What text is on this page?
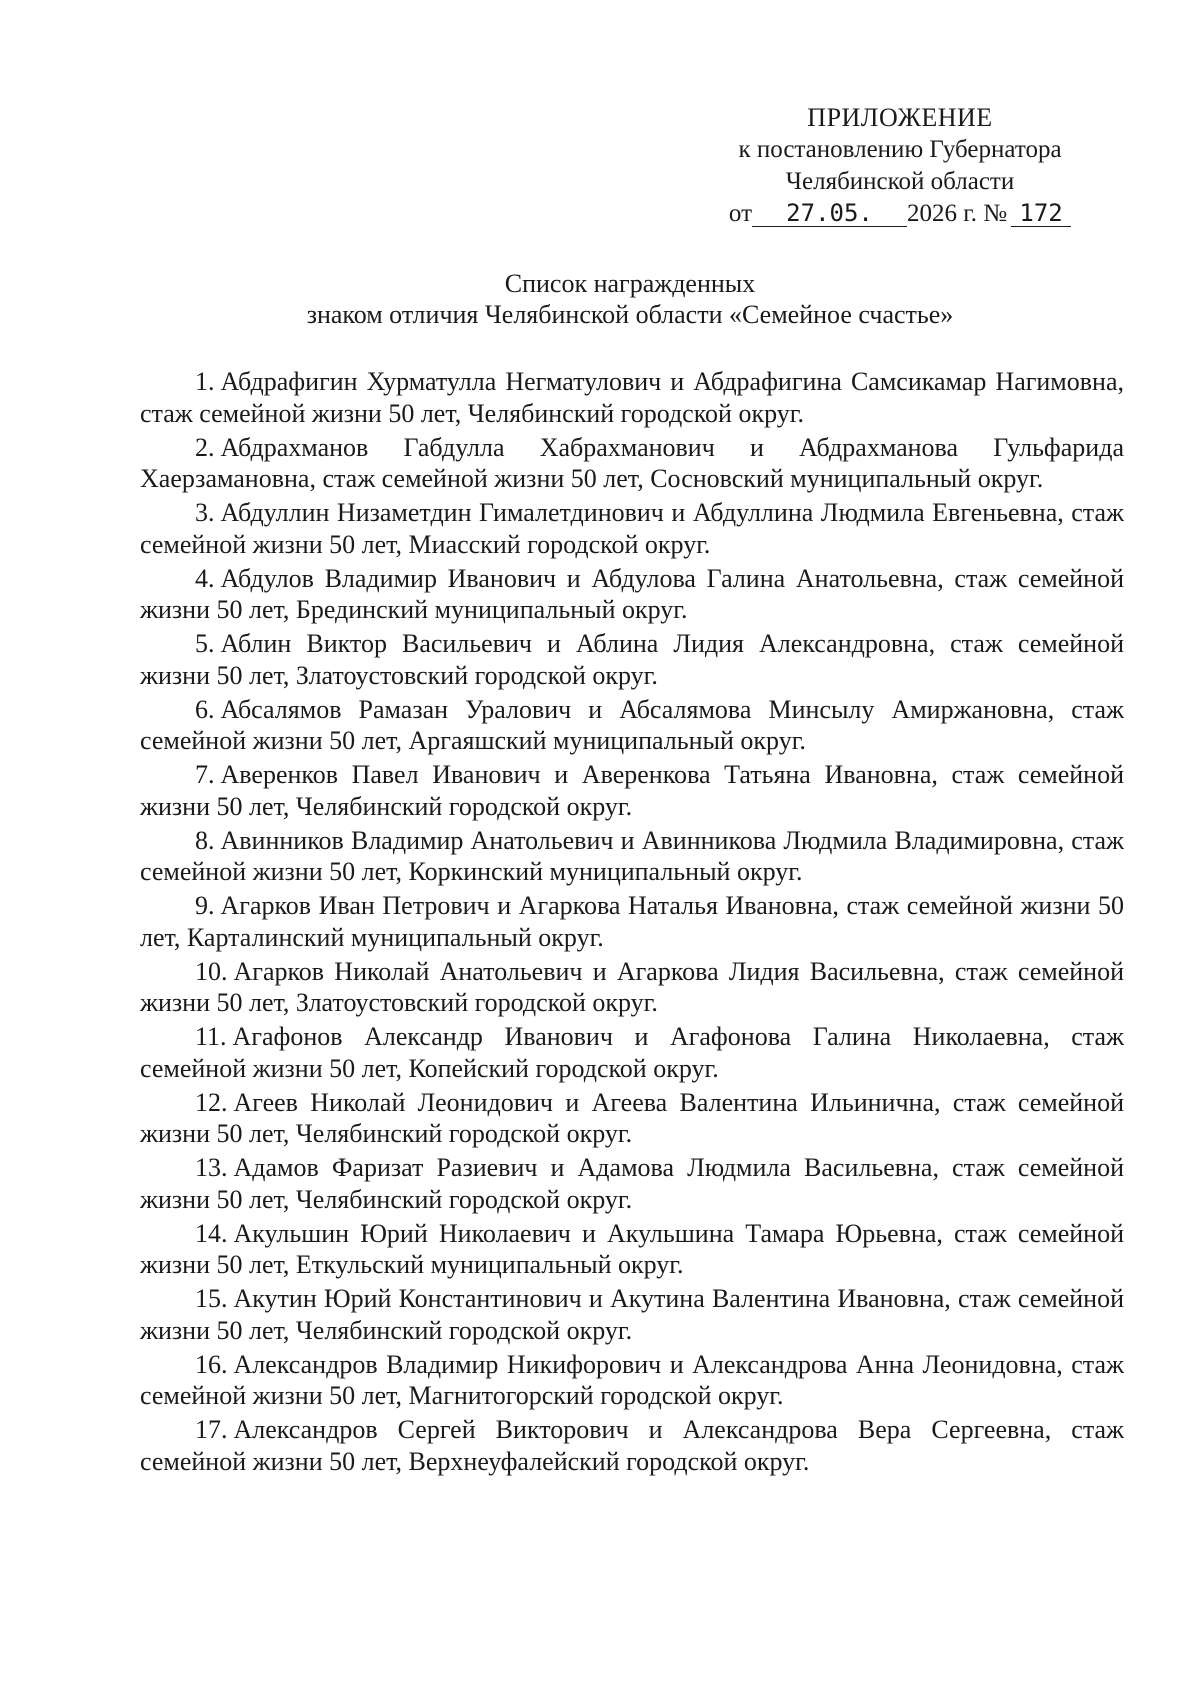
ПРИЛОЖЕНИЕ
к постановлению Губернатора
Челябинской области
от	27.05.	2026 г. № 172
Список награжденных
знаком отличия Челябинской области «Семейное счастье»

1. Абдрафигин Хурматулла Негматулович и Абдрафигина Самсикамар Нагимовна, стаж семейной жизни 50 лет, Челябинский городской округ.

2. Абдрахманов Габдулла Хабрахманович и Абдрахманова Гульфарида Хаерзамановна, стаж семейной жизни 50 лет, Сосновский муниципальный округ.

3. Абдуллин Низаметдин Гималетдинович и Абдуллина Людмила Евгеньевна, стаж семейной жизни 50 лет, Миасский городской округ.

4. Абдулов Владимир Иванович и Абдулова Галина Анатольевна, стаж семейной жизни 50 лет, Брединский муниципальный округ.

5. Аблин Виктор Васильевич и Аблина Лидия Александровна, стаж семейной жизни 50 лет, Златоустовский городской округ.

6. Абсалямов Рамазан Уралович и Абсалямова Минсылу Амиржановна, стаж семейной жизни 50 лет, Аргаяшский муниципальный округ.

7. Аверенков Павел Иванович и Аверенкова Татьяна Ивановна, стаж семейной жизни 50 лет, Челябинский городской округ.

8. Авинников Владимир Анатольевич и Авинникова Людмила Владимировна, стаж семейной жизни 50 лет, Коркинский муниципальный округ.

9. Агарков Иван Петрович и Агаркова Наталья Ивановна, стаж семейной жизни 50 лет, Карталинский муниципальный округ.

10. Агарков Николай Анатольевич и Агаркова Лидия Васильевна, стаж семейной жизни 50 лет, Златоустовский городской округ.

11. Агафонов Александр Иванович и Агафонова Галина Николаевна, стаж семейной жизни 50 лет, Копейский городской округ.

12. Агеев Николай Леонидович и Агеева Валентина Ильинична, стаж семейной жизни 50 лет, Челябинский городской округ.

13. Адамов Фаризат Разиевич и Адамова Людмила Васильевна, стаж семейной жизни 50 лет, Челябинский городской округ.

14. Акульшин Юрий Николаевич и Акульшина Тамара Юрьевна, стаж семейной жизни 50 лет, Еткульский муниципальный округ.

15. Акутин Юрий Константинович и Акутина Валентина Ивановна, стаж семейной жизни 50 лет, Челябинский городской округ.

16. Александров Владимир Никифорович и Александрова Анна Леонидовна, стаж семейной жизни 50 лет, Магнитогорский городской округ.

17. Александров Сергей Викторович и Александрова Вера Сергеевна, стаж семейной жизни 50 лет, Верхнеуфалейский городской округ.
